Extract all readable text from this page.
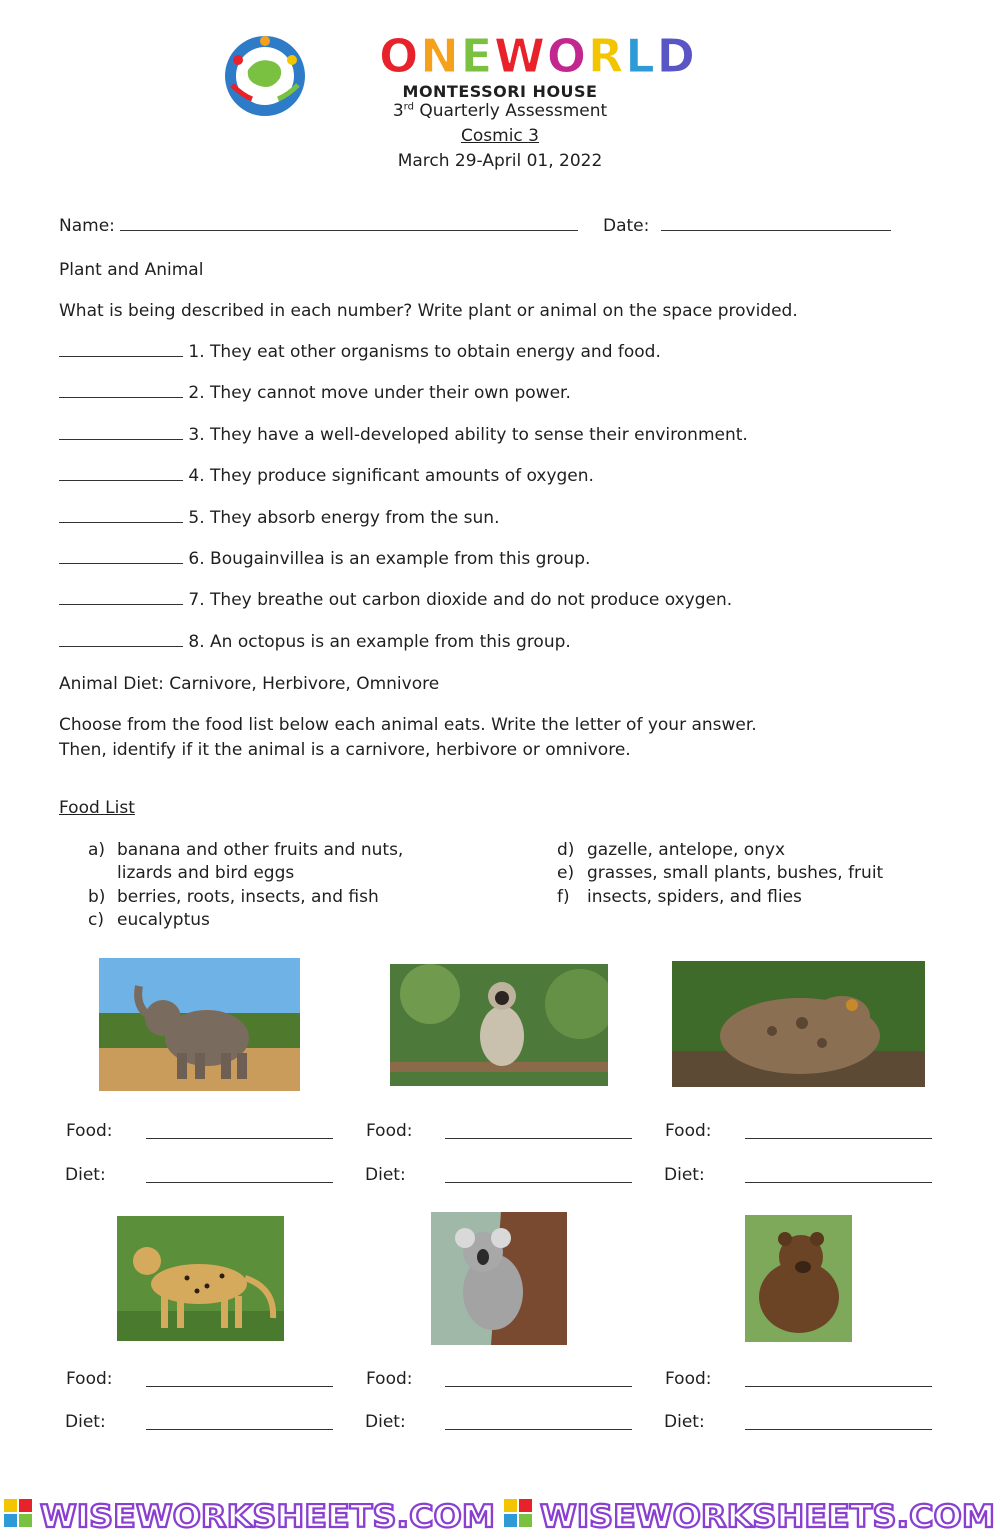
ONEWORLD
MONTESSORI HOUSE
3rd Quarterly Assessment
Cosmic 3
March 29-April 01, 2022
Name:	Date:
Plant and Animal
What is being described in each number? Write plant or animal on the space provided.
1. They eat other organisms to obtain energy and food.
2. They cannot move under their own power.
3. They have a well-developed ability to sense their environment.
4. They produce significant amounts of oxygen.
5. They absorb energy from the sun.
6. Bougainvillea is an example from this group.
7. They breathe out carbon dioxide and do not produce oxygen.
8. An octopus is an example from this group.
Animal Diet: Carnivore, Herbivore, Omnivore
Choose from the food list below each animal eats. Write the letter of your answer.
Then, identify if it the animal is a carnivore, herbivore or omnivore.
Food List
a) banana and other fruits and nuts,
lizards and bird eggs
b) berries, roots, insects, and fish
c) eucalyptus
d) gazelle, antelope, onyx
e) grasses, small plants, bushes, fruit
f) insects, spiders, and flies
Food:
Diet:
Food:
Diet:
Food:
Diet:
Food:
Diet:
Food:
Diet:
Food:
Diet:
WISEWORKSHEETS.COM WISEWORKSHEETS.COM
